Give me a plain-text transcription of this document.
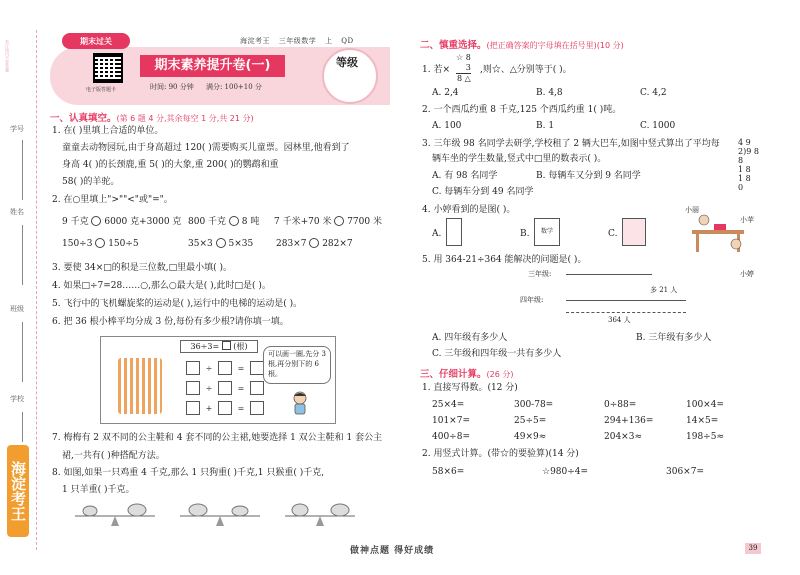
装订线内不要答题
学号
姓名
班级
学校
海淀考王
期末过关	海淀考王 三年级数学 上 QD
电子版答题卡
期末素养提升卷(一)
时间: 90 分钟 满分: 100+10 分
等级
一、认真填空。(第 6 题 4 分,其余每空 1 分,共 21 分)
1. 在( )里填上合适的单位。
童童去动物园玩,由于身高超过 120( )需要购买儿童票。园林里,他看到了
身高 4( )的长颈鹿,重 5( )的大象,重 200( )的鹦鹉和重
58( )的羊驼。
2. 在○里填上">""<"或"="。
9 千克 6000 克+3000 克 800 千克 8 吨 7 千米+70 米 7700 米
150÷3 150÷5	35×3 5×35	283×7 282×7
3. 要使 34×□的积是三位数,□里最小填( )。
4. 如果□÷7=28……○,那么○最大是( ),此时□是( )。
5. 飞行中的飞机螺旋桨的运动是( ),运行中的电梯的运动是( )。
6. 把 36 根小棒平均分成 3 份,每份有多少根?请你填一填。
36÷3= (根)
÷	=
÷	=
+	=
可以画一圈,先分 3 根,再分别下的 6 根。
7. 梅梅有 2 双不同的公主鞋和 4 套不同的公主裙,她要选择 1 双公主鞋和 1 套公主
裙,一共有( )种搭配方法。
8. 如图,如果一只鸡重 4 千克,那么 1 只狗重( )千克,1 只猴重( )千克,
1 只羊重( )千克。
二、慎重选择。(把正确答案的字母填在括号里)(10 分)
1. 若×
☆ 8
3
8 △
,则☆、△分别等于( )。
A. 2,4	B. 4,8	C. 4,2
2. 一个西瓜约重 8 千克,125 个西瓜约重 1( )吨。
A. 100	B. 1	C. 1000
3. 三年级 98 名同学去研学,学校租了 2 辆大巴车,如图中竖式算出了平均每
辆车坐的学生数量,竖式中□里的数表示( )。
4 9
2)9 8
8
1 8
1 8
0
A. 有 98 名同学	B. 每辆车又分到 9 名同学
C. 每辆车分到 49 名同学
4. 小婷看到的是图( )。
A.	B.	数学	C.
小丽
小苹
小婷
5. 用 364-21÷364 能解决的问题是( )。
三年级:
多 21 人
四年级:
364 人
A. 四年级有多少人	B. 三年级有多少人
C. 三年级和四年级一共有多少人
三、仔细计算。(26 分)
1. 直接写得数。(12 分)
25×4=	300-78=	0÷88=	100×4=
101×7=	25÷5=	294+136=	14×5=
400÷8=	49×9≈	204×3≈	198÷5≈
2. 用竖式计算。(带☆的要验算)(14 分)
58×6=	☆980÷4=	306×7=
做神点题 得好成绩	39
